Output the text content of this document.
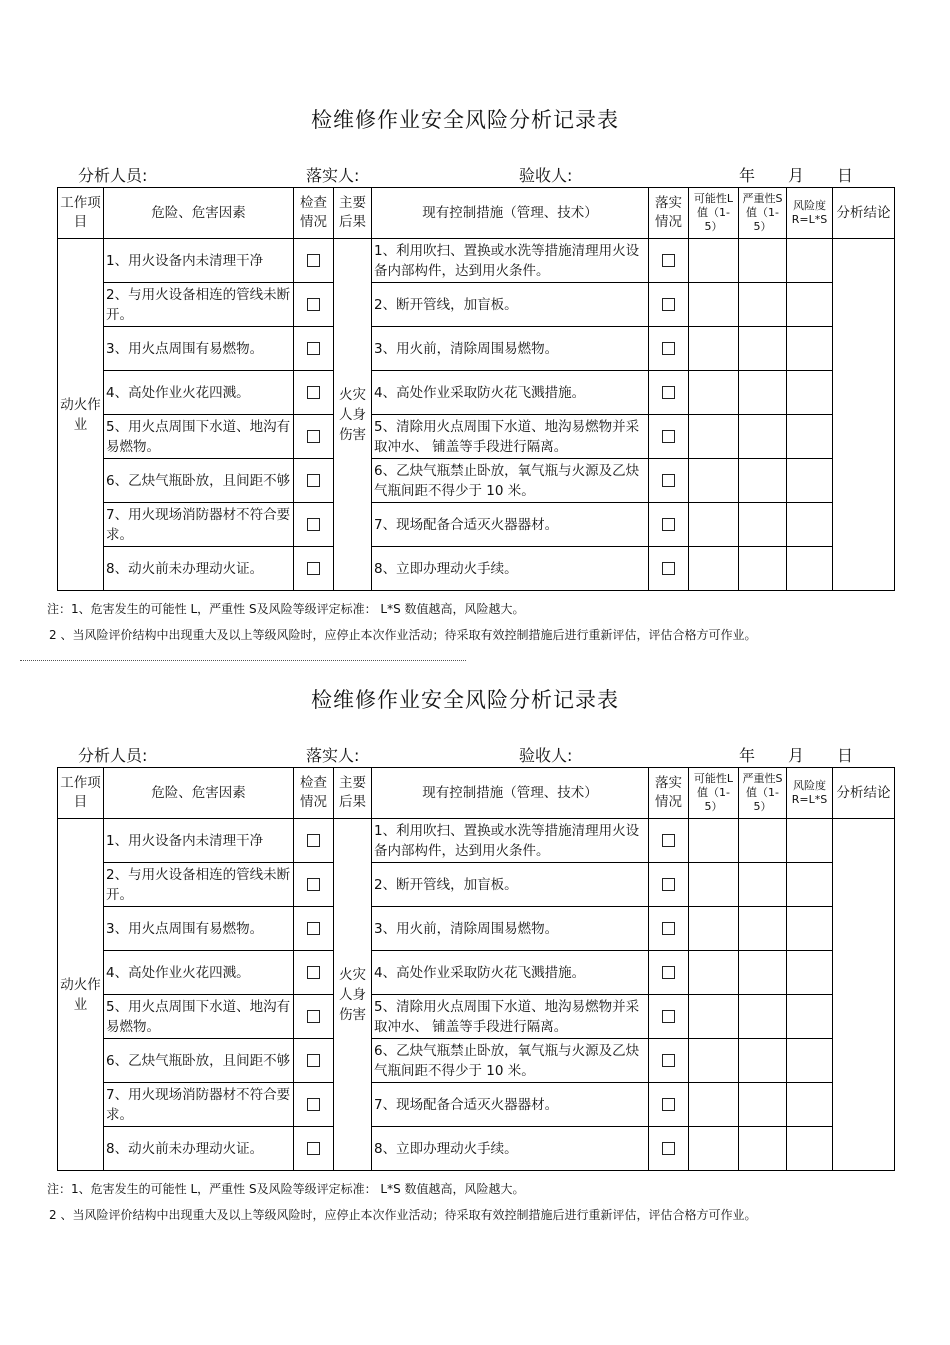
检维修作业安全风险分析记录表
分析人员:	落实人:	验收人:	年 月 日
工作项目	危险、危害因素	检查情况	主要后果	现有控制措施（管理、技术）	落实情况	可能性L值（1-5）	严重性S值（1-5）	风险度R=L*S	分析结论
动火作业	1、用火设备内未清理干净		火灾人身伤害	1、利用吹扫、置换或水洗等措施清理用火设备内部构件，达到用火条件。					
	2、与用火设备相连的管线未断开。			2、断开管线，加盲板。					
	3、用火点周围有易燃物。			3、用火前，清除周围易燃物。					
	4、高处作业火花四溅。			4、高处作业采取防火花飞溅措施。					
	5、用火点周围下水道、地沟有易燃物。			5、清除用火点周围下水道、地沟易燃物并采取冲水、 铺盖等手段进行隔离。					
	6、乙炔气瓶卧放，且间距不够			6、乙炔气瓶禁止卧放，氧气瓶与火源及乙炔气瓶间距不得少于 10 米。					
	7、用火现场消防器材不符合要求。			7、现场配备合适灭火器器材。					
	8、动火前未办理动火证。			8、立即办理动火手续。					
注：1、危害发生的可能性 L，严重性 S及风险等级评定标准： L*S 数值越高，风险越大。
2 、当风险评价结构中出现重大及以上等级风险时，应停止本次作业活动；待采取有效控制措施后进行重新评估，评估合格方可作业。
检维修作业安全风险分析记录表
分析人员:	落实人:	验收人:	年 月 日
工作项目	危险、危害因素	检查情况	主要后果	现有控制措施（管理、技术）	落实情况	可能性L值（1-5）	严重性S值（1-5）	风险度R=L*S	分析结论
动火作业	1、用火设备内未清理干净		火灾人身伤害	1、利用吹扫、置换或水洗等措施清理用火设备内部构件，达到用火条件。					
	2、与用火设备相连的管线未断开。			2、断开管线，加盲板。					
	3、用火点周围有易燃物。			3、用火前，清除周围易燃物。					
	4、高处作业火花四溅。			4、高处作业采取防火花飞溅措施。					
	5、用火点周围下水道、地沟有易燃物。			5、清除用火点周围下水道、地沟易燃物并采取冲水、 铺盖等手段进行隔离。					
	6、乙炔气瓶卧放，且间距不够			6、乙炔气瓶禁止卧放，氧气瓶与火源及乙炔气瓶间距不得少于 10 米。					
	7、用火现场消防器材不符合要求。			7、现场配备合适灭火器器材。					
	8、动火前未办理动火证。			8、立即办理动火手续。					
注：1、危害发生的可能性 L，严重性 S及风险等级评定标准： L*S 数值越高，风险越大。
2 、当风险评价结构中出现重大及以上等级风险时，应停止本次作业活动；待采取有效控制措施后进行重新评估，评估合格方可作业。
